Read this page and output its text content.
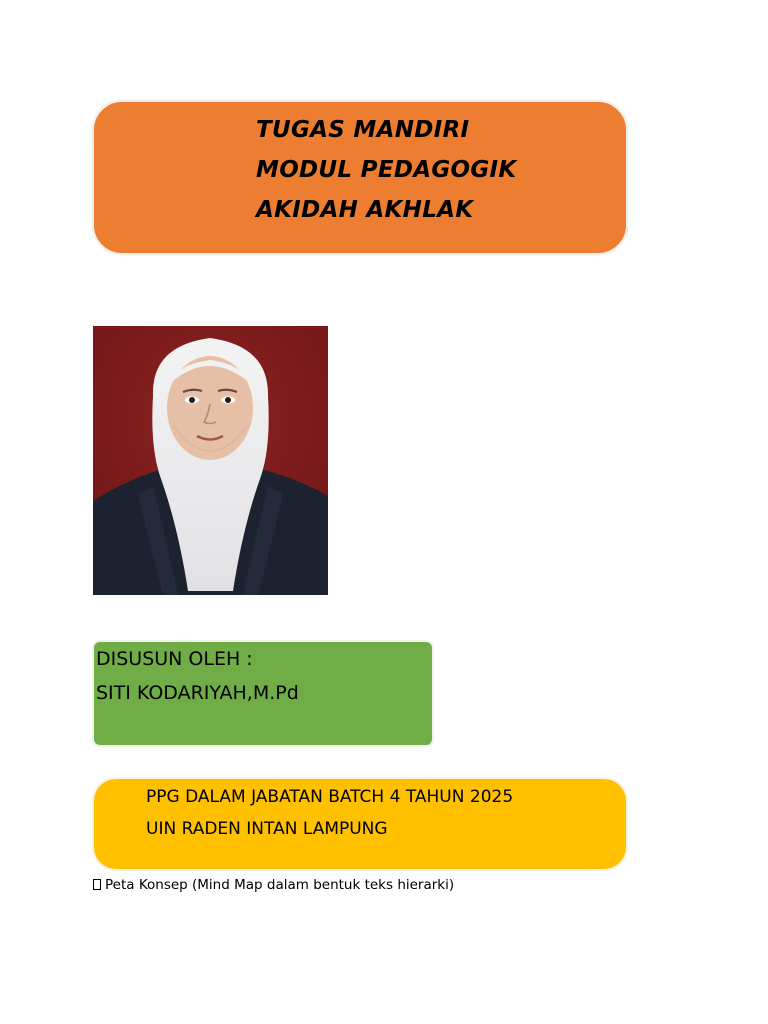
TUGAS MANDIRI
MODUL PEDAGOGIK
AKIDAH AKHLAK
DISUSUN OLEH :
SITI KODARIYAH,M.Pd
PPG DALAM JABATAN BATCH 4 TAHUN 2025
UIN RADEN INTAN LAMPUNG
Peta Konsep (Mind Map dalam bentuk teks hierarki)
